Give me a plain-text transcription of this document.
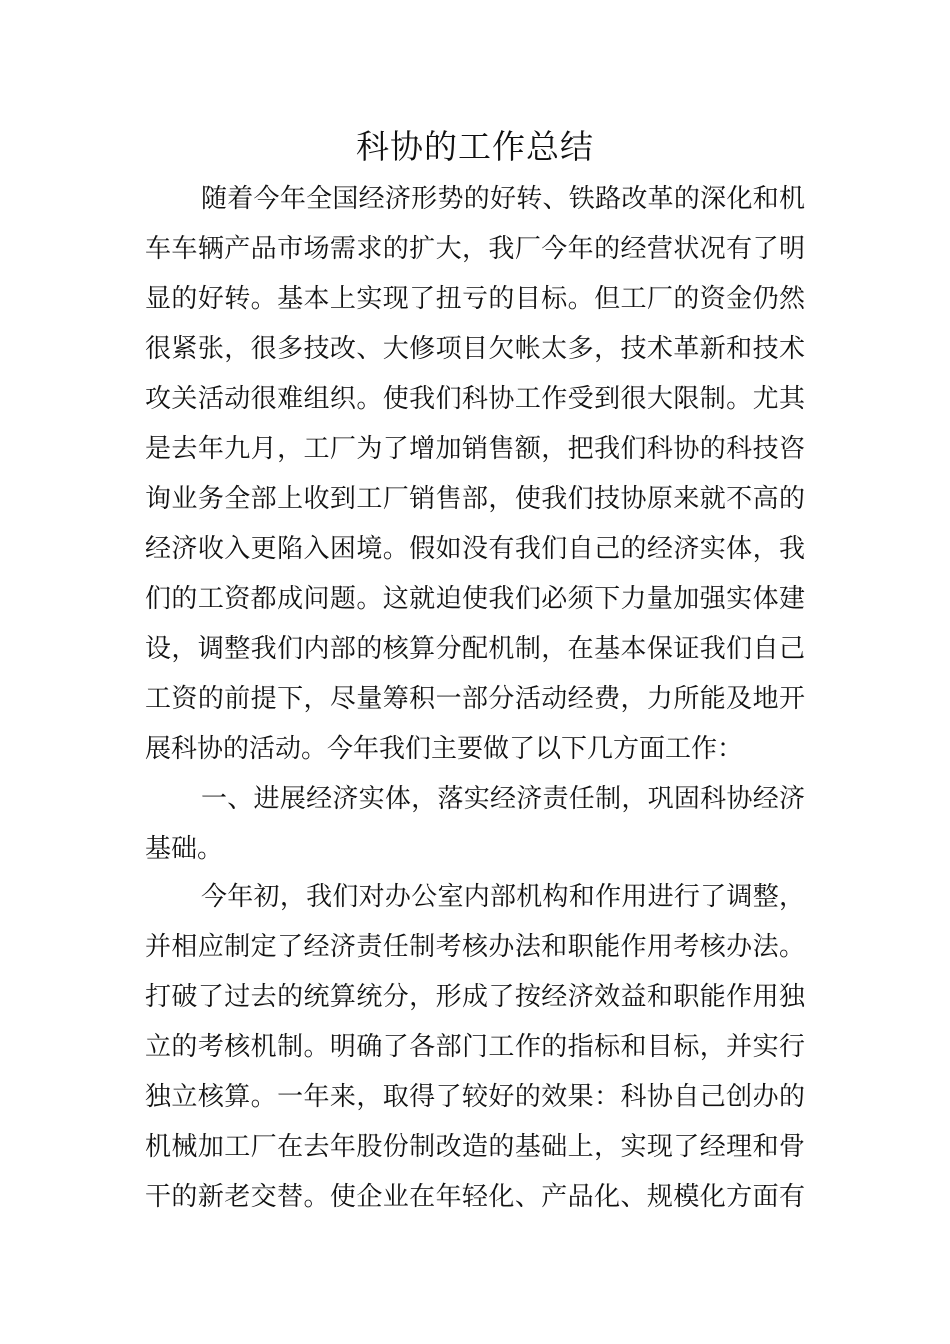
科协的工作总结
随着今年全国经济形势的好转、铁路改革的深化和机
车车辆产品市场需求的扩大，我厂今年的经营状况有了明
显的好转。基本上实现了扭亏的目标。但工厂的资金仍然
很紧张，很多技改、大修项目欠帐太多，技术革新和技术
攻关活动很难组织。使我们科协工作受到很大限制。尤其
是去年九月，工厂为了增加销售额，把我们科协的科技咨
询业务全部上收到工厂销售部，使我们技协原来就不高的
经济收入更陷入困境。假如没有我们自己的经济实体，我
们的工资都成问题。这就迫使我们必须下力量加强实体建
设，调整我们内部的核算分配机制，在基本保证我们自己
工资的前提下，尽量筹积一部分活动经费，力所能及地开
展科协的活动。今年我们主要做了以下几方面工作：
一、进展经济实体，落实经济责任制，巩固科协经济
基础。
今年初，我们对办公室内部机构和作用进行了调整，
并相应制定了经济责任制考核办法和职能作用考核办法。
打破了过去的统算统分，形成了按经济效益和职能作用独
立的考核机制。明确了各部门工作的指标和目标，并实行
独立核算。一年来，取得了较好的效果：科协自己创办的
机械加工厂在去年股份制改造的基础上，实现了经理和骨
干的新老交替。使企业在年轻化、产品化、规模化方面有
